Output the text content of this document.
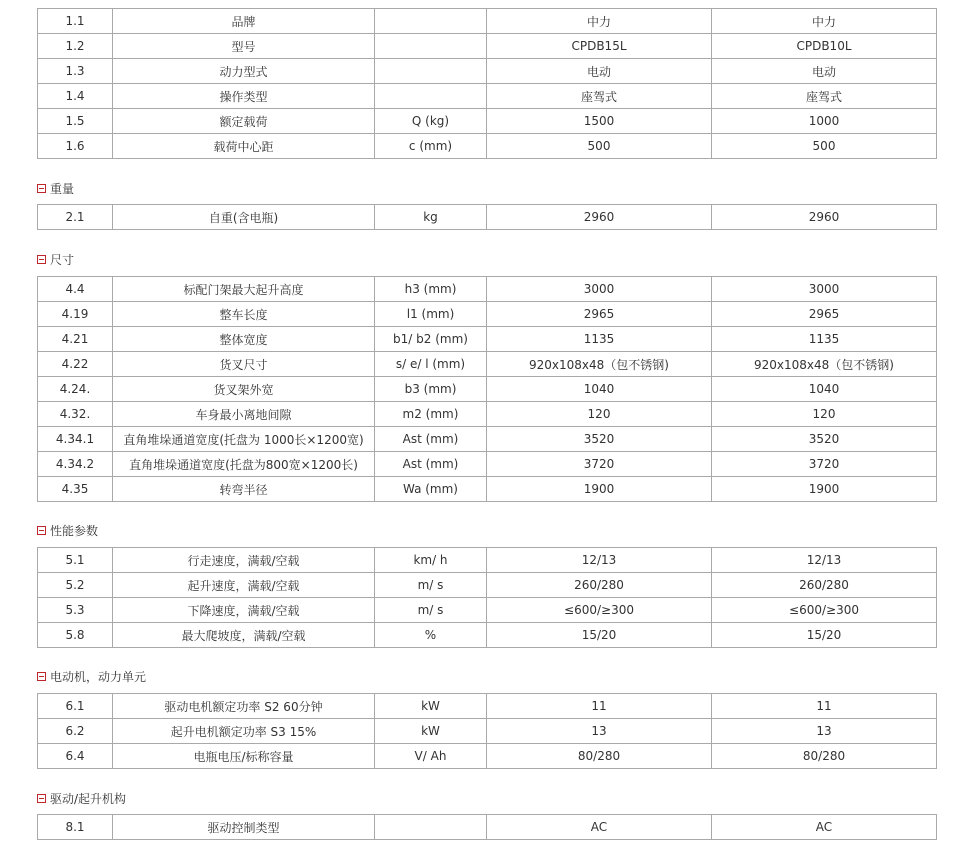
1.1	品牌		中力	中力
1.2	型号		CPDB15L	CPDB10L
1.3	动力型式		电动	电动
1.4	操作类型		座驾式	座驾式
1.5	额定载荷	Q (kg)	1500	1000
1.6	载荷中心距	c (mm)	500	500
重量
2.1	自重(含电瓶)	kg	2960	2960
尺寸
4.4	标配门架最大起升高度	h3 (mm)	3000	3000
4.19	整车长度	l1 (mm)	2965	2965
4.21	整体宽度	b1/ b2 (mm)	1135	1135
4.22	货叉尺寸	s/ e/ l (mm)	920x108x48（包不锈钢)	920x108x48（包不锈钢)
4.24.	货叉架外宽	b3 (mm)	1040	1040
4.32.	车身最小离地间隙	m2 (mm)	120	120
4.34.1	直角堆垛通道宽度(托盘为 1000长×1200宽)	Ast (mm)	3520	3520
4.34.2	直角堆垛通道宽度(托盘为800宽×1200长)	Ast (mm)	3720	3720
4.35	转弯半径	Wa (mm)	1900	1900
性能参数
5.1	行走速度，满载/空载	km/ h	12/13	12/13
5.2	起升速度，满载/空载	m/ s	260/280	260/280
5.3	下降速度，满载/空载	m/ s	≤600/≥300	≤600/≥300
5.8	最大爬坡度，满载/空载	%	15/20	15/20
电动机，动力单元
6.1	驱动电机额定功率 S2 60分钟	kW	11	11
6.2	起升电机额定功率 S3 15%	kW	13	13
6.4	电瓶电压/标称容量	V/ Ah	80/280	80/280
驱动/起升机构
8.1	驱动控制类型		AC	AC
